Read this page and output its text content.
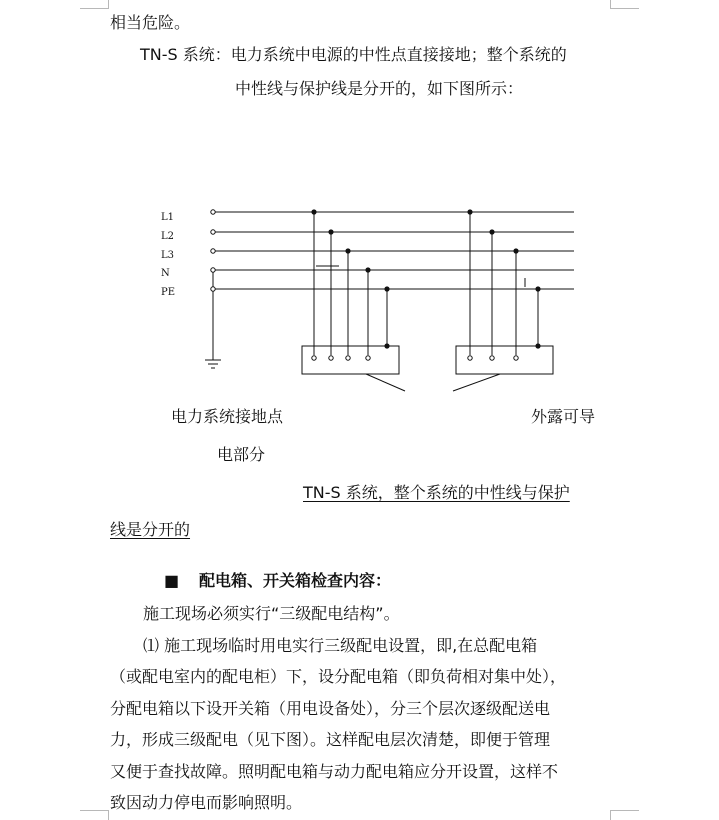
相当危险。
TN-S 系统：电力系统中电源的中性点直接接地；整个系统的
中性线与保护线是分开的，如下图所示：
L1
L2
L3
N
PE
电力系统接地点	外露可导
电部分
TN-S 系统，整个系统的中性线与保护
线是分开的
■ 配电箱、开关箱检查内容：
施工现场必须实行“三级配电结构”。
⑴ 施工现场临时用电实行三级配电设置，即,在总配电箱
（或配电室内的配电柜）下，设分配电箱（即负荷相对集中处），
分配电箱以下设开关箱（用电设备处），分三个层次逐级配送电
力，形成三级配电（见下图）。这样配电层次清楚，即便于管理
又便于查找故障。照明配电箱与动力配电箱应分开设置，这样不
致因动力停电而影响照明。
